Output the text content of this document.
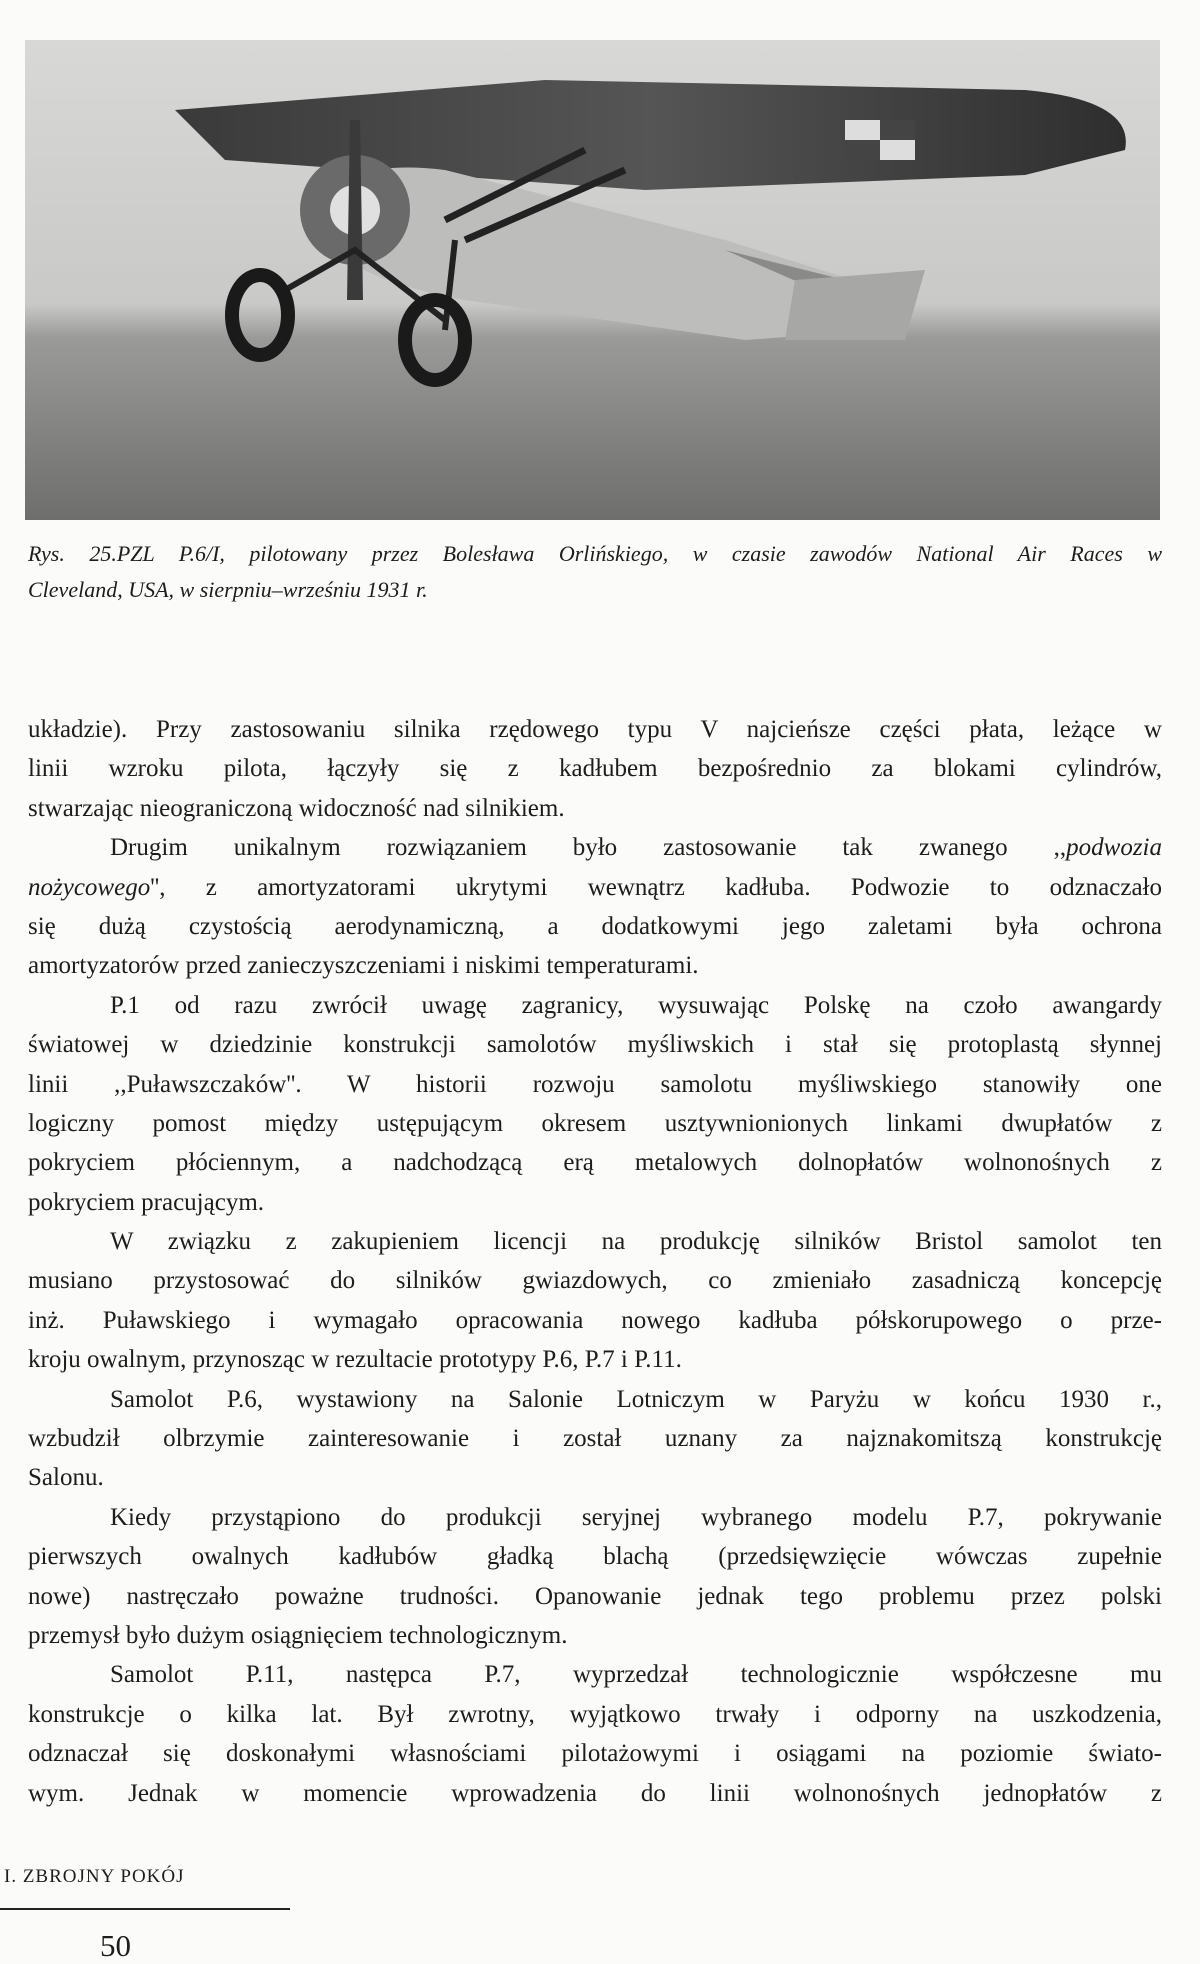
Rys. 25.PZL P.6/I, pilotowany przez Bolesława Orlińskiego, w czasie zawodów National Air Races w
Cleveland, USA, w sierpniu–wrześniu 1931 r.
układzie). Przy zastosowaniu silnika rzędowego typu V najcieńsze części płata, leżące w
linii wzroku pilota, łączyły się z kadłubem bezpośrednio za blokami cylindrów,
stwarzając nieograniczoną widoczność nad silnikiem.
Drugim unikalnym rozwiązaniem było zastosowanie tak zwanego ,,podwozia
nożycowego'', z amortyzatorami ukrytymi wewnątrz kadłuba. Podwozie to odznaczało
się dużą czystością aerodynamiczną, a dodatkowymi jego zaletami była ochrona
amortyzatorów przed zanieczyszczeniami i niskimi temperaturami.
P.1 od razu zwrócił uwagę zagranicy, wysuwając Polskę na czoło awangardy
światowej w dziedzinie konstrukcji samolotów myśliwskich i stał się protoplastą słynnej
linii ,,Puławszczaków''. W historii rozwoju samolotu myśliwskiego stanowiły one
logiczny pomost między ustępującym okresem usztywnionionych linkami dwupłatów z
pokryciem płóciennym, a nadchodzącą erą metalowych dolnopłatów wolnonośnych z
pokryciem pracującym.
W związku z zakupieniem licencji na produkcję silników Bristol samolot ten
musiano przystosować do silników gwiazdowych, co zmieniało zasadniczą koncepcję
inż. Puławskiego i wymagało opracowania nowego kadłuba półskorupowego o prze-
kroju owalnym, przynosząc w rezultacie prototypy P.6, P.7 i P.11.
Samolot P.6, wystawiony na Salonie Lotniczym w Paryżu w końcu 1930 r.,
wzbudził olbrzymie zainteresowanie i został uznany za najznakomitszą konstrukcję
Salonu.
Kiedy przystąpiono do produkcji seryjnej wybranego modelu P.7, pokrywanie
pierwszych owalnych kadłubów gładką blachą (przedsięwzięcie wówczas zupełnie
nowe) nastręczało poważne trudności. Opanowanie jednak tego problemu przez polski
przemysł było dużym osiągnięciem technologicznym.
Samolot P.11, następca P.7, wyprzedzał technologicznie współczesne mu
konstrukcje o kilka lat. Był zwrotny, wyjątkowo trwały i odporny na uszkodzenia,
odznaczał się doskonałymi własnościami pilotażowymi i osiągami na poziomie świato-
wym. Jednak w momencie wprowadzenia do linii wolnonośnych jednopłatów z
I. ZBROJNY POKÓJ
50
